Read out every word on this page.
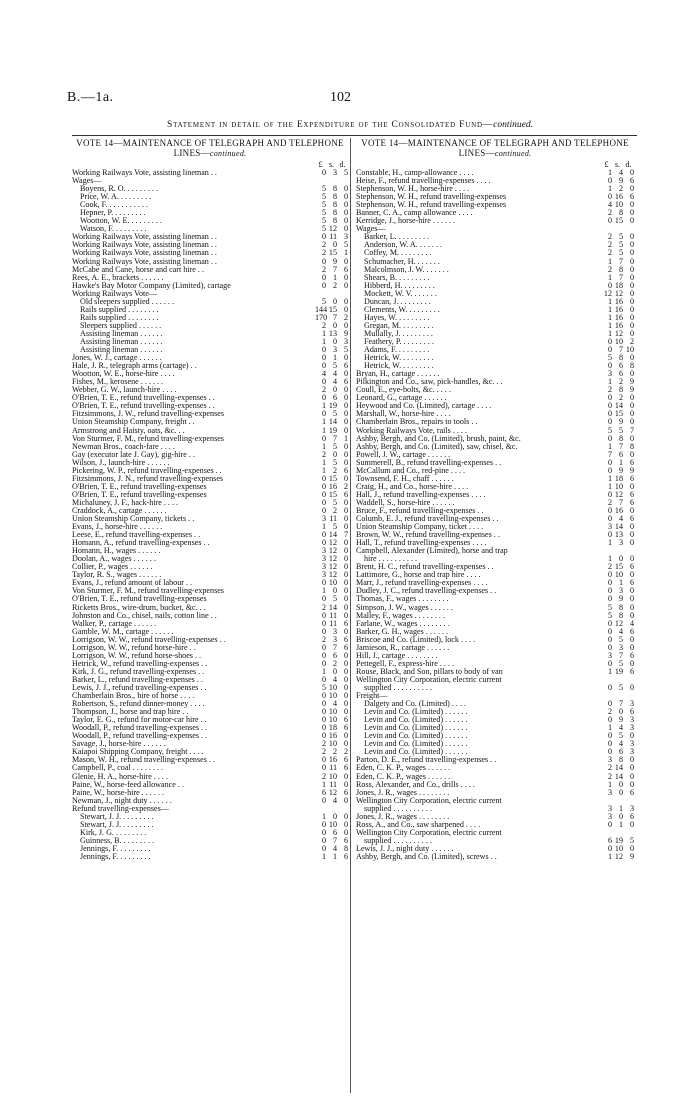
B.—1a.	102
Statement in detail of the Expenditure of the Consolidated Fund—continued.
VOTE 14—MAINTENANCE OF TELEGRAPH AND TELEPHONE LINES—continued.
£ s. d.
Working Railways Vote, assisting lineman . .	0 3 5
Wages—
Boyens, R. O. . . . . . . . .	5 8 0
Price, W. A. . . . . . . . .	5 8 0
Cook, F. . . . . . . . . . .	5 8 0
Hepner, P. . . . . . . . .	5 8 0
Wootton, W. E. . . . . . . . .	5 8 0
Watson, F. . . . . . . . .	5 12 0
Working Railways Vote, assisting lineman . .	0 11 3
Working Railways Vote, assisting lineman . .	2 0 5
Working Railways Vote, assisting lineman . .	2 15 1
Working Railways Vote, assisting lineman . .	0 9 0
McCabe and Cane, horse and cart hire . .	2 7 6
Rees, A. E., brackets . . . . . .	0 1 0
Hawke's Bay Motor Company (Limited), cartage	0 2 0
Working Railways Vote—
Old sleepers supplied . . . . . .	5 0 0
Rails supplied . . . . . . . .	144 15 0
Rails supplied . . . . . . . .	170 7 2
Sleepers supplied . . . . . .	2 0 0
Assisting lineman . . . . . .	1 13 9
Assisting lineman . . . . . .	1 0 3
Assisting lineman . . . . . .	0 3 5
Jones, W. J., cartage . . . . . .	0 1 0
Hale, J. R., telegraph arms (cartage) . .	0 5 6
Wootton, W. E., horse-hire . . . .	4 4 0
Fishes, M., kerosene . . . . . .	0 4 6
Webber, G. W., launch-hire . . . .	2 0 0
O'Brien, T. E., refund travelling-expenses . .	0 6 0
O'Brien, T. E., refund travelling-expenses . .	1 19 0
Fitzsimmons, J. W., refund travelling-expenses	0 5 0
Union Steamship Company, freight . .	1 14 0
Armstrong and Haisty, oats, &c. . .	1 19 0
Von Sturmer, F. M., refund travelling-expenses	0 7 1
Newman Bros., coach-fare . . . .	1 5 0
Gay (executor late J. Gay), gig-hire . .	2 0 0
Wilson, J., launch-hire . . . . . .	1 5 0
Pickering, W. P., refund travelling-expenses . .	1 2 6
Fitzsimmons, J. N., refund travelling-expenses	0 15 0
O'Brien, T. E., refund travelling-expenses	0 16 2
O'Brien, T. E., refund travelling-expenses	0 15 6
Michaluney, J. F., hack-hire . . . .	0 5 0
Craddock, A., cartage . . . . . .	0 2 0
Union Steamship Company, tickets . .	3 11 0
Evans, J., horse-hire . . . . . .	1 5 0
Leese, E., refund travelling-expenses . .	0 14 7
Homann, A., refund travelling-expenses . .	0 12 0
Homann, H., wages . . . . . .	3 12 0
Doolan, A., wages . . . . . .	3 12 0
Collier, P., wages . . . . . .	3 12 0
Taylor, R. S., wages . . . . . .	3 12 0
Evans, J., refund amount of labour . .	0 10 0
Von Sturmer, F. M., refund travelling-expenses	1 0 0
O'Brien, T. E., refund travelling-expenses	0 5 0
Ricketts Bros., wire-drum, bucket, &c. . .	2 14 0
Johnston and Co., chisel, nails, cotton line . .	0 11 0
Walker, P., cartage . . . . . .	0 11 6
Gamble, W. M., cartage . . . . . .	0 3 0
Lorrigson, W. W., refund travelling-expenses . .	2 3 6
Lorrigson, W. W., refund horse-hire . .	0 7 6
Lorrigson, W. W., refund horse-shoes . .	0 6 0
Hetrick, W., refund travelling-expenses . .	0 2 0
Kirk, J. G., refund travelling-expenses . .	1 0 0
Barker, L., refund travelling-expenses . .	0 4 0
Lewis, J. J., refund travelling-expenses . .	5 10 0
Chamberlain Bros., hire of horse . . . .	0 10 0
Robertson, S., refund dinner-money . . . .	0 4 0
Thompson, J., horse and trap hire . .	0 10 0
Taylor, E. G., refund for motor-car hire . .	0 10 6
Woodall, P., refund travelling-expenses . .	0 18 6
Woodall, P., refund travelling-expenses . .	0 16 0
Savage, J., horse-hire . . . . . .	2 10 0
Kaiapoi Shipping Company, freight . . . .	2 2 2
Mason, W. H., refund travelling-expenses . .	0 16 6
Campbell, P., coal . . . . . . . .	0 11 6
Glenie, H. A., horse-hire . . . .	2 10 0
Paine, W., horse-feed allowance . .	1 11 0
Paine, W., horse-hire . . . . . .	6 12 6
Newman, J., night duty . . . . . .	0 4 0
Refund travelling-expenses—
Stewart, J. J. . . . . . . . .	1 0 0
Stewart, J. J. . . . . . . . .	0 10 0
Kirk, J. G. . . . . . . . .	0 6 0
Guinness, B. . . . . . . . .	0 7 6
Jennings, F. . . . . . . . .	0 4 8
Jennings, F. . . . . . . . .	1 1 6
VOTE 14—MAINTENANCE OF TELEGRAPH AND TELEPHONE LINES—continued.
£ s. d.
Constable, H., camp-allowance . . . .	1 4 0
Heise, F., refund travelling-expenses . . . .	0 9 6
Stephenson, W. H., horse-hire . . . .	1 2 0
Stephenson, W. H., refund travelling-expenses	0 16 6
Stephenson, W. H., refund travelling-expenses	4 10 0
Banner, C. A., camp allowance . . . .	2 8 0
Kerridge, J., horse-hire . . . . . .	0 15 0
Wages—
Barker, L. . . . . . . . .	2 5 0
Anderson, W. A. . . . . . .	2 5 0
Coffey, M. . . . . . . . .	2 5 0
Schumacher, H. . . . . . .	1 7 0
Malcolmson, J. W. . . . . . .	2 8 0
Shears, B. . . . . . . . .	1 7 0
Hibberd, H. . . . . . . . .	0 18 0
Mockett, W. V. . . . . . .	12 12 0
Duncan, J. . . . . . . . .	1 16 0
Clements, W. . . . . . . . .	1 16 0
Hayes, W. . . . . . . . .	1 16 0
Gregan, M. . . . . . . . .	1 16 0
Mullally, J. . . . . . . . .	1 12 0
Feathery, P. . . . . . . . .	0 10 2
Adams, F. . . . . . . . .	0 7 10
Hetrick, W. . . . . . . . .	5 8 0
Hetrick, W. . . . . . . . .	0 6 8
Bryan, H., cartage . . . . . .	3 6 0
Pilkington and Co., saw, pick-handles, &c. . .	1 2 9
Coull, E., eye-bolts, &c. . . . .	2 8 9
Leonard, G., cartage . . . . . .	0 2 0
Heywood and Co. (Limited), cartage . . . .	0 14 0
Marshall, W., horse-hire . . . .	0 15 0
Chamberlain Bros., repairs to tools . .	0 9 0
Working Railways Vote, rails . . . .	5 5 7
Ashby, Bergh, and Co. (Limited), brush, paint, &c.	0 8 0
Ashby, Bergh, and Co. (Limited), saw, chisel, &c.	1 7 8
Powell, J. W., cartage . . . . . .	7 6 0
Summerell, B., refund travelling-expenses . .	0 1 6
McCallum and Co., red-pine . . . .	0 9 9
Townsend, F. H., chaff . . . . . .	1 18 6
Craig, H., and Co., horse-hire . . . .	1 10 0
Hall, J., refund travelling-expenses . . . .	0 12 6
Waddell, S., horse-hire . . . . . .	2 7 6
Bruce, F., refund travelling-expenses . .	0 16 0
Columb, E. J., refund travelling-expenses . .	0 4 6
Union Steamship Company, ticket . . . .	3 14 0
Brown, W. W., refund travelling-expenses . .	0 13 0
Hall, T., refund travelling-expenses . . . .	1 3 0
Campbell, Alexander (Limited), horse and trap
hire . . . . . . . . . .	1 0 0
Brent, H. C., refund travelling-expenses . .	2 15 6
Lattimore, G., horse and trap hire . . . .	0 10 0
Marr, J., refund travelling-expenses . . . .	0 1 6
Dudley, J. C., refund travelling-expenses . .	0 3 0
Thomas, F., wages . . . . . . . .	0 9 0
Simpson, J. W., wages . . . . . .	5 8 0
Malley, F., wages . . . . . . . .	5 8 0
Farlane, W., wages . . . . . . . .	0 12 4
Barker, G. H., wages . . . . . .	0 4 6
Briscoe and Co. (Limited), lock . . . .	0 5 0
Jamieson, R., cartage . . . . . .	0 3 0
Hill, J., cartage . . . . . . . .	3 7 6
Pettegell, F., express-hire . . . .	0 5 0
Rouse, Black, and Son, pillars to body of van	1 19 6
Wellington City Corporation, electric current
supplied . . . . . . . . . .	0 5 0
Freight—
Dalgety and Co. (Limited) . . . .	0 7 3
Levin and Co. (Limited) . . . . . .	2 0 6
Levin and Co. (Limited) . . . . . .	0 9 3
Levin and Co. (Limited) . . . . . .	1 4 3
Levin and Co. (Limited) . . . . . .	0 5 0
Levin and Co. (Limited) . . . . . .	0 4 3
Levin and Co. (Limited) . . . . . .	0 6 3
Parton, D. E., refund travelling-expenses . .	3 8 0
Eden, C. K. P., wages . . . . . .	2 14 0
Eden, C. K. P., wages . . . . . .	2 14 0
Ross, Alexander, and Co., drills . . . .	1 0 0
Jones, J. R., wages . . . . . . . .	3 0 6
Wellington City Corporation, electric current
supplied . . . . . . . . . .	3 1 3
Jones, J. R., wages . . . . . . . .	3 0 6
Ross, A., and Co., saw sharpened . . . .	0 1 0
Wellington City Corporation, electric current
supplied . . . . . . . . . .	6 19 5
Lewis, J. J., night duty . . . . . .	0 10 0
Ashby, Bergh, and Co. (Limited), screws . .	1 12 9
